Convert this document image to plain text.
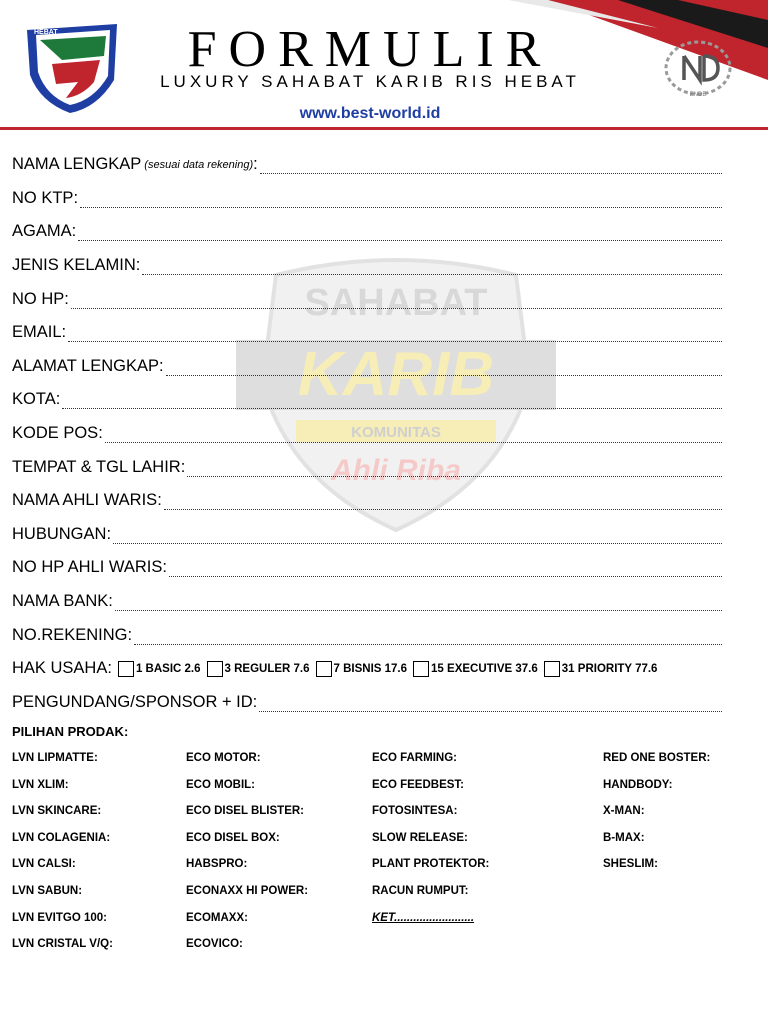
HEBAT	FORMULIR
LUXURY SAHABAT KARIB RIS HEBAT
www.best-world.id
ENDE
SAHABAT
KARIB
KOMUNITAS
Ahli Riba
NAMA LENGKAP (sesuai data rekening) :
NO KTP :
AGAMA :
JENIS KELAMIN :
NO HP :
EMAIL :
ALAMAT LENGKAP :
KOTA :
KODE POS :
TEMPAT & TGL LAHIR :
NAMA AHLI WARIS :
HUBUNGAN :
NO HP AHLI WARIS :
NAMA BANK :
NO.REKENING :
HAK USAHA: 1 BASIC 2.6 3 REGULER 7.6 7 BISNIS 17.6 15 EXECUTIVE 37.6 31 PRIORITY 77.6
PENGUNDANG/SPONSOR + ID :
PILIHAN PRODAK:
LVN LIPMATTE:	ECO MOTOR:	ECO FARMING:	RED ONE BOSTER:
LVN XLIM:	ECO MOBIL:	ECO FEEDBEST:	HANDBODY:
LVN SKINCARE:	ECO DISEL BLISTER:	FOTOSINTESA:	X-MAN:
LVN COLAGENIA:	ECO DISEL BOX:	SLOW RELEASE:	B-MAX:
LVN CALSI:	HABSPRO:	PLANT PROTEKTOR:	SHESLIM:
LVN SABUN:	ECONAXX HI POWER:	RACUN RUMPUT:
LVN EVITGO 100:	ECOMAXX:	KET.........................
LVN CRISTAL V/Q:	ECOVICO:
